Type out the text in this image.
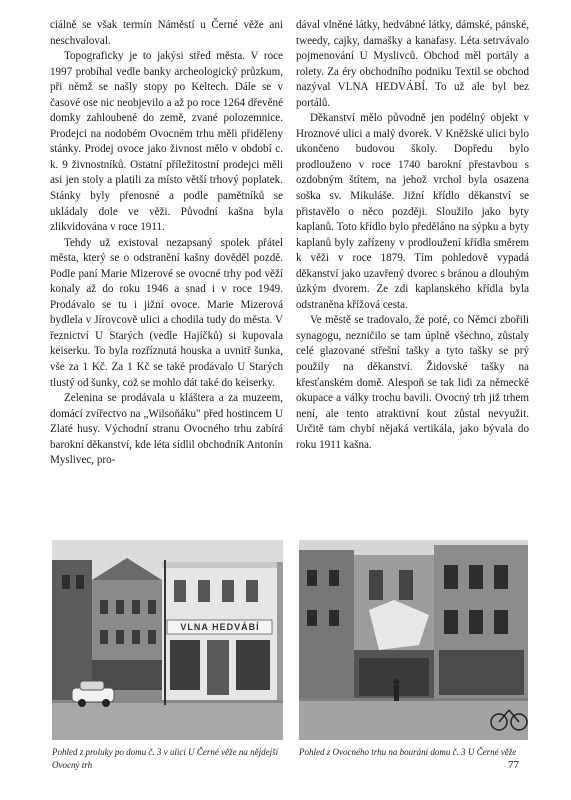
ciálně se však termín Náměstí u Černé věže ani neschvaloval.

Topograficky je to jakýsi střed města. V roce 1997 probíhal vedle banky archeologický průzkum, při němž se našly stopy po Keltech. Dále se v časové ose nic neobjevilo a až po roce 1264 dřevěné domky zahloubené do země, zvané polozemnice. Prodejci na nodobém Ovocném trhu měli přiděleny stánky. Prodej ovoce jako živnost mělo v období c. k. 9 živnostníků. Ostatní příležitostní prodejci měli asi jen stoly a platili za místo větší trhový poplatek. Stánky byly přenosné a podle pamětníků se ukládaly dole ve věži. Původní kašna byla zlikvidována v roce 1911.

Tehdy už existoval nezapsaný spolek přátel města, který se o odstranění kašny dověděl pozdě. Podle paní Marie Mizerové se ovocné trhy pod věží konaly až do roku 1946 a snad i v roce 1949. Prodávalo se tu i jižní ovoce. Marie Mizerová bydlela v Jírovcově ulici a chodila tudy do města. V řeznictví U Starých (vedle Hajíčků) si kupovala keiserku. To byla rozříznutá houska a uvnitř šunka, vše za 1 Kč. Za 1 Kč se také prodávalo U Starých tlustý od šunky, což se mohlo dát také do keiserky.

Zelenina se prodávala u kláštera a za muzeem, domácí zvířectvo na „Wilsoňáku" před hostincem U Zlaté husy. Východní stranu Ovocného trhu zabírá barokní děkanství, kde léta sídlil obchodník Antonín Myslivec, pro-

dával vlněné látky, hedvábné látky, dámské, pánské, tweedy, cajky, damašky a kanafasy. Léta setrvávalo pojmenování U Myslivců. Obchod měl portály a rolety. Za éry obchodního podniku Textil se obchod nazýval VLNA HEDVÁBÍ. To už ale byl bez portálů.

Děkanství mělo původně jen podélný objekt v Hroznové ulici a malý dvorek. V Kněžské ulici bylo ukončeno budovou školy. Dopředu bylo prodlouženo v roce 1740 barokní přestavbou s ozdobným štítem, na jehož vrchol byla osazena soška sv. Mikuláše. Jižní křídlo děkanství se přistavělo o něco později. Sloužilo jako byty kaplanů. Toto křídlo bylo předěláno na sýpku a byty kaplanů byly zařízeny v prodloužení křídla směrem k věži v roce 1879. Tím pohledově vypadá děkanství jako uzavřený dvorec s bránou a dlouhým úzkým dvorem. Ze zdi kaplanského křídla byla odstraněna křížová cesta.

Ve městě se tradovalo, že poté, co Němci zbořili synagogu, nezničilo se tam úplně všechno, zůstaly celé glazované střešní tašky a tyto tašky se prý použily na děkanství. Židovské tašky na křesťanském domě. Alespoň se tak lidi za německé okupace a války trochu bavili. Ovocný trh již trhem není, ale tento atraktivní kout zůstal nevyužit. Určitě tam chybí nějaká vertikála, jako bývala do roku 1911 kašna.

VLNA HEDVÁBÍ
Pohled z proluky po domu č. 3 v ulici U Černé věže na nějdejší Ovocný trh
Pohled z Ovocného trhu na bourání domu č. 3 U Černé věže
77
